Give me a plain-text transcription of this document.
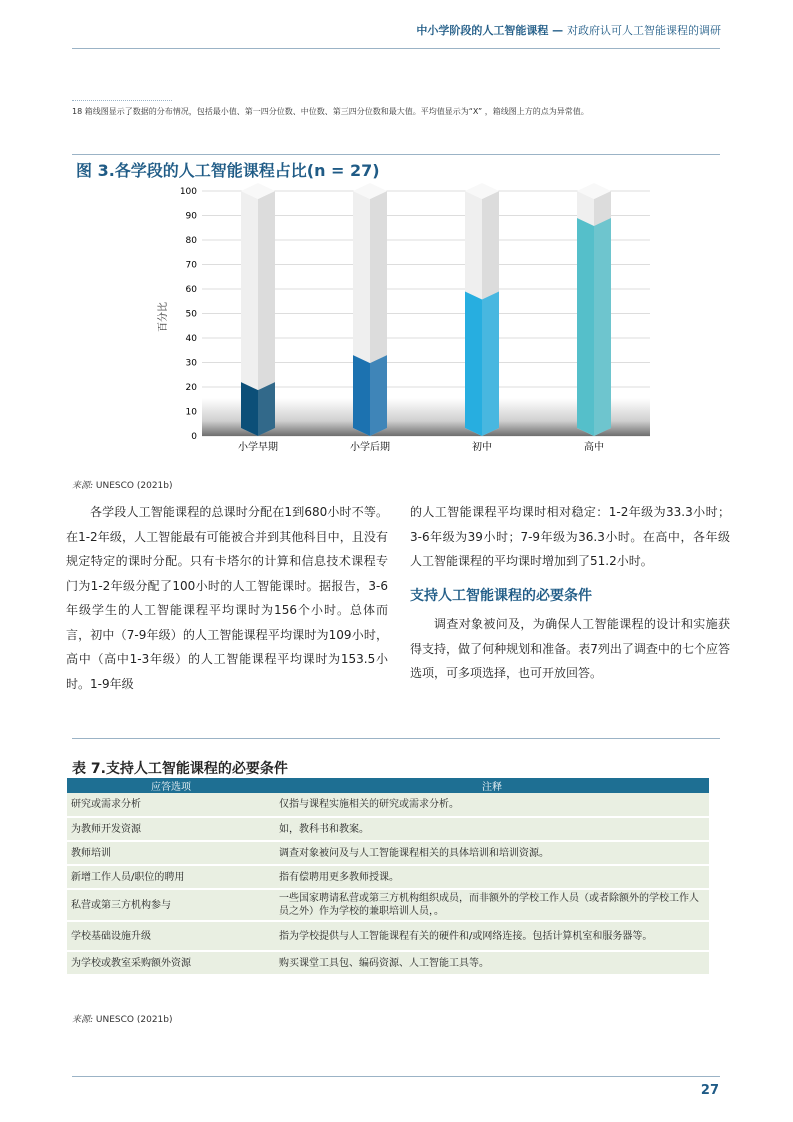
中小学阶段的人工智能课程 — 对政府认可人工智能课程的调研
18 箱线图显示了数据的分布情况，包括最小值、第一四分位数、中位数、第三四分位数和最大值。平均值显示为“X” ，箱线图上方的点为异常值。
图 3.各学段的人工智能课程占比(n = 27)
百分比
0
10
20
30
40
50
60
70
80
90
100
小学早期	小学后期	初中	高中
来源: UNESCO (2021b)

各学段人工智能课程的总课时分配在1到680小时不等。在1-2年级，人工智能最有可能被合并到其他科目中，且没有规定特定的课时分配。只有卡塔尔的计算和信息技术课程专门为1-2年级分配了100小时的人工智能课时。据报告，3-6年级学生的人工智能课程平均课时为156个小时。总体而言，初中（7-9年级）的人工智能课程平均课时为109小时，高中（高中1-3年级）的人工智能课程平均课时为153.5小时。1-9年级

的人工智能课程平均课时相对稳定：1-2年级为33.3小时；3-6年级为39小时；7-9年级为36.3小时。在高中，各年级人工智能课程的平均课时增加到了51.2小时。

支持人工智能课程的必要条件

调查对象被问及，为确保人工智能课程的设计和实施获得支持，做了何种规划和准备。表7列出了调查中的七个应答选项，可多项选择，也可开放回答。

表 7.支持人工智能课程的必要条件
应答选项	注释
研究或需求分析	仅指与课程实施相关的研究或需求分析。
为教师开发资源	如，教科书和教案。
教师培训	调查对象被问及与人工智能课程相关的具体培训和培训资源。
新增工作人员/职位的聘用	指有偿聘用更多教师授课。
私营或第三方机构参与	一些国家聘请私营或第三方机构组织成员，而非额外的学校工作人员（或者除额外的学校工作人员之外）作为学校的兼职培训人员，。
学校基础设施升级	指为学校提供与人工智能课程有关的硬件和/或网络连接。包括计算机室和服务器等。
为学校或教室采购额外资源	购买课堂工具包、编码资源、人工智能工具等。
来源: UNESCO (2021b)
27
